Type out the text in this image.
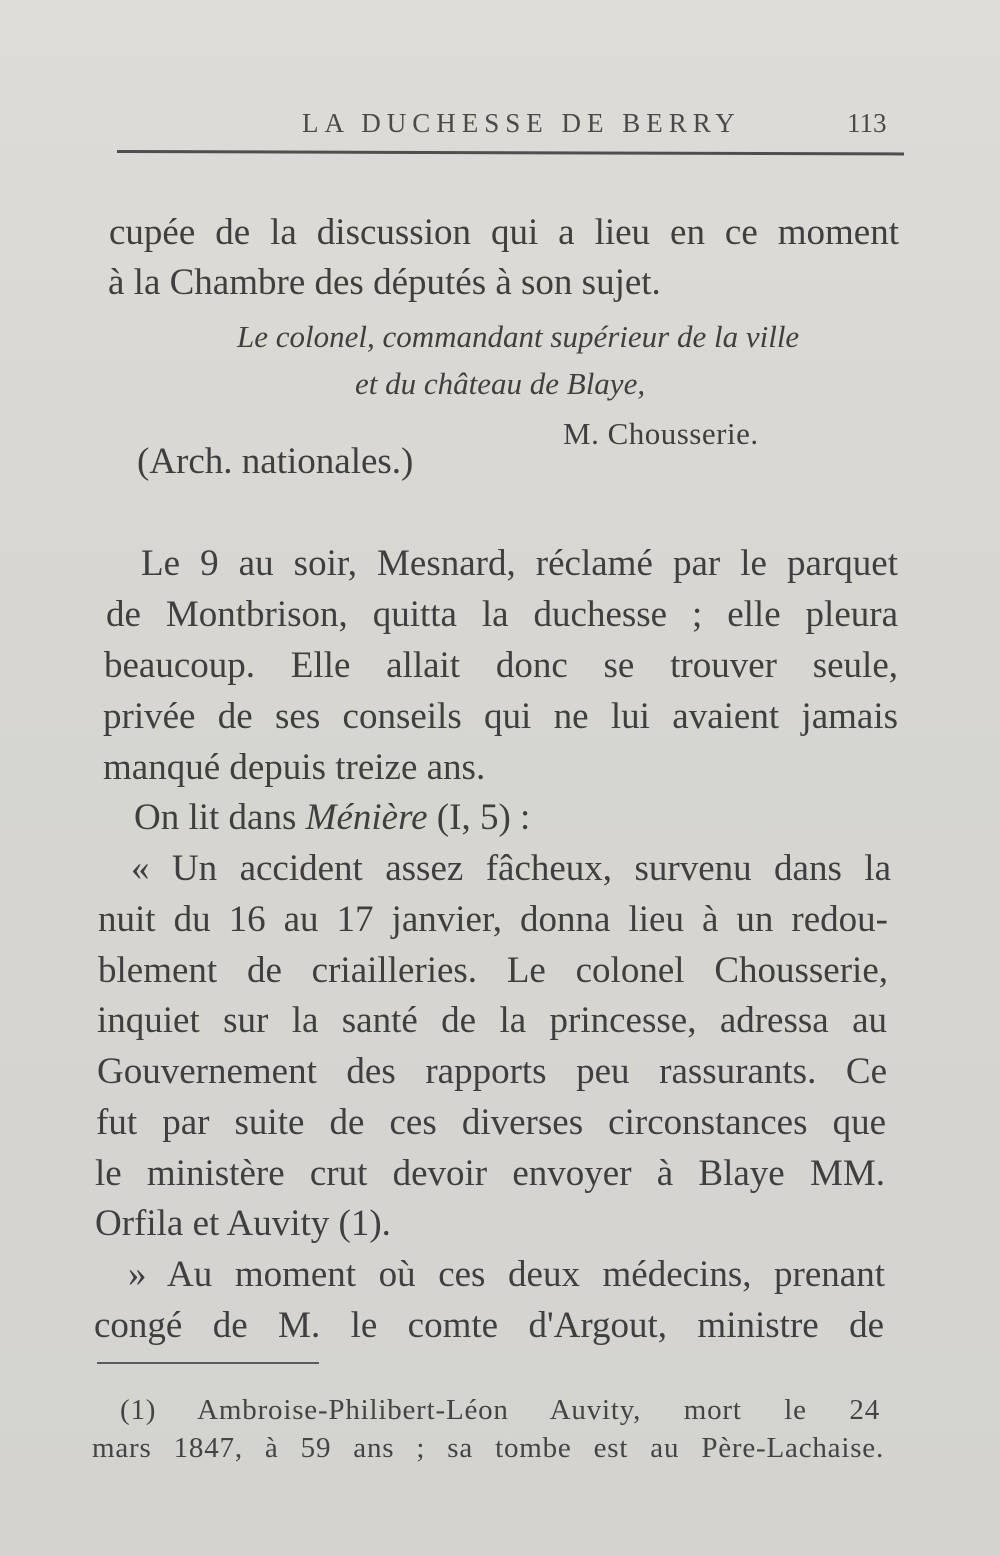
LA DUCHESSE DE BERRY	113
cupée de la discussion qui a lieu en ce moment
à la Chambre des députés à son sujet.
Le colonel, commandant supérieur de la ville
et du château de Blaye,
M. Chousserie.
(Arch. nationales.)
Le 9 au soir, Mesnard, réclamé par le parquet
de Montbrison, quitta la duchesse ; elle pleura
beaucoup. Elle allait donc se trouver seule,
privée de ses conseils qui ne lui avaient jamais
manqué depuis treize ans.
On lit dans Ménière (I, 5) :
« Un accident assez fâcheux, survenu dans la
nuit du 16 au 17 janvier, donna lieu à un redou-
blement de criailleries. Le colonel Chousserie,
inquiet sur la santé de la princesse, adressa au
Gouvernement des rapports peu rassurants. Ce
fut par suite de ces diverses circonstances que
le ministère crut devoir envoyer à Blaye MM.
Orfila et Auvity (1).
» Au moment où ces deux médecins, prenant
congé de M. le comte d'Argout, ministre de
(1) Ambroise-Philibert-Léon Auvity, mort le 24
mars 1847, à 59 ans ; sa tombe est au Père-Lachaise.
